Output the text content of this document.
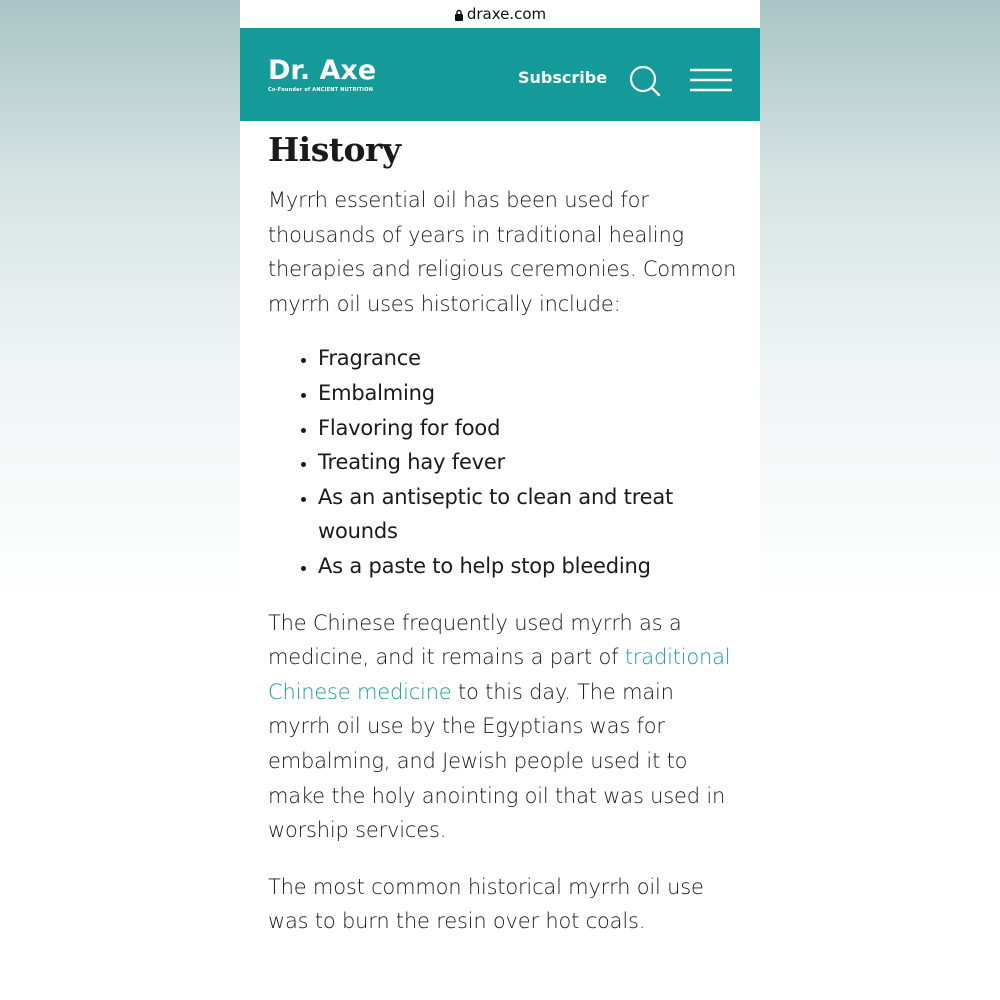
draxe.com
Dr. Axe
Co-Founder of ANCIENT NUTRITION
Subscribe
History

Myrrh essential oil has been used for thousands of years in traditional healing therapies and religious ceremonies. Common myrrh oil uses historically include:

• Fragrance
• Embalming
• Flavoring for food
• Treating hay fever
• As an antiseptic to clean and treat wounds
• As a paste to help stop bleeding

The Chinese frequently used myrrh as a medicine, and it remains a part of traditional Chinese medicine to this day. The main myrrh oil use by the Egyptians was for embalming, and Jewish people used it to make the holy anointing oil that was used in worship services.

The most common historical myrrh oil use was to burn the resin over hot coals.
